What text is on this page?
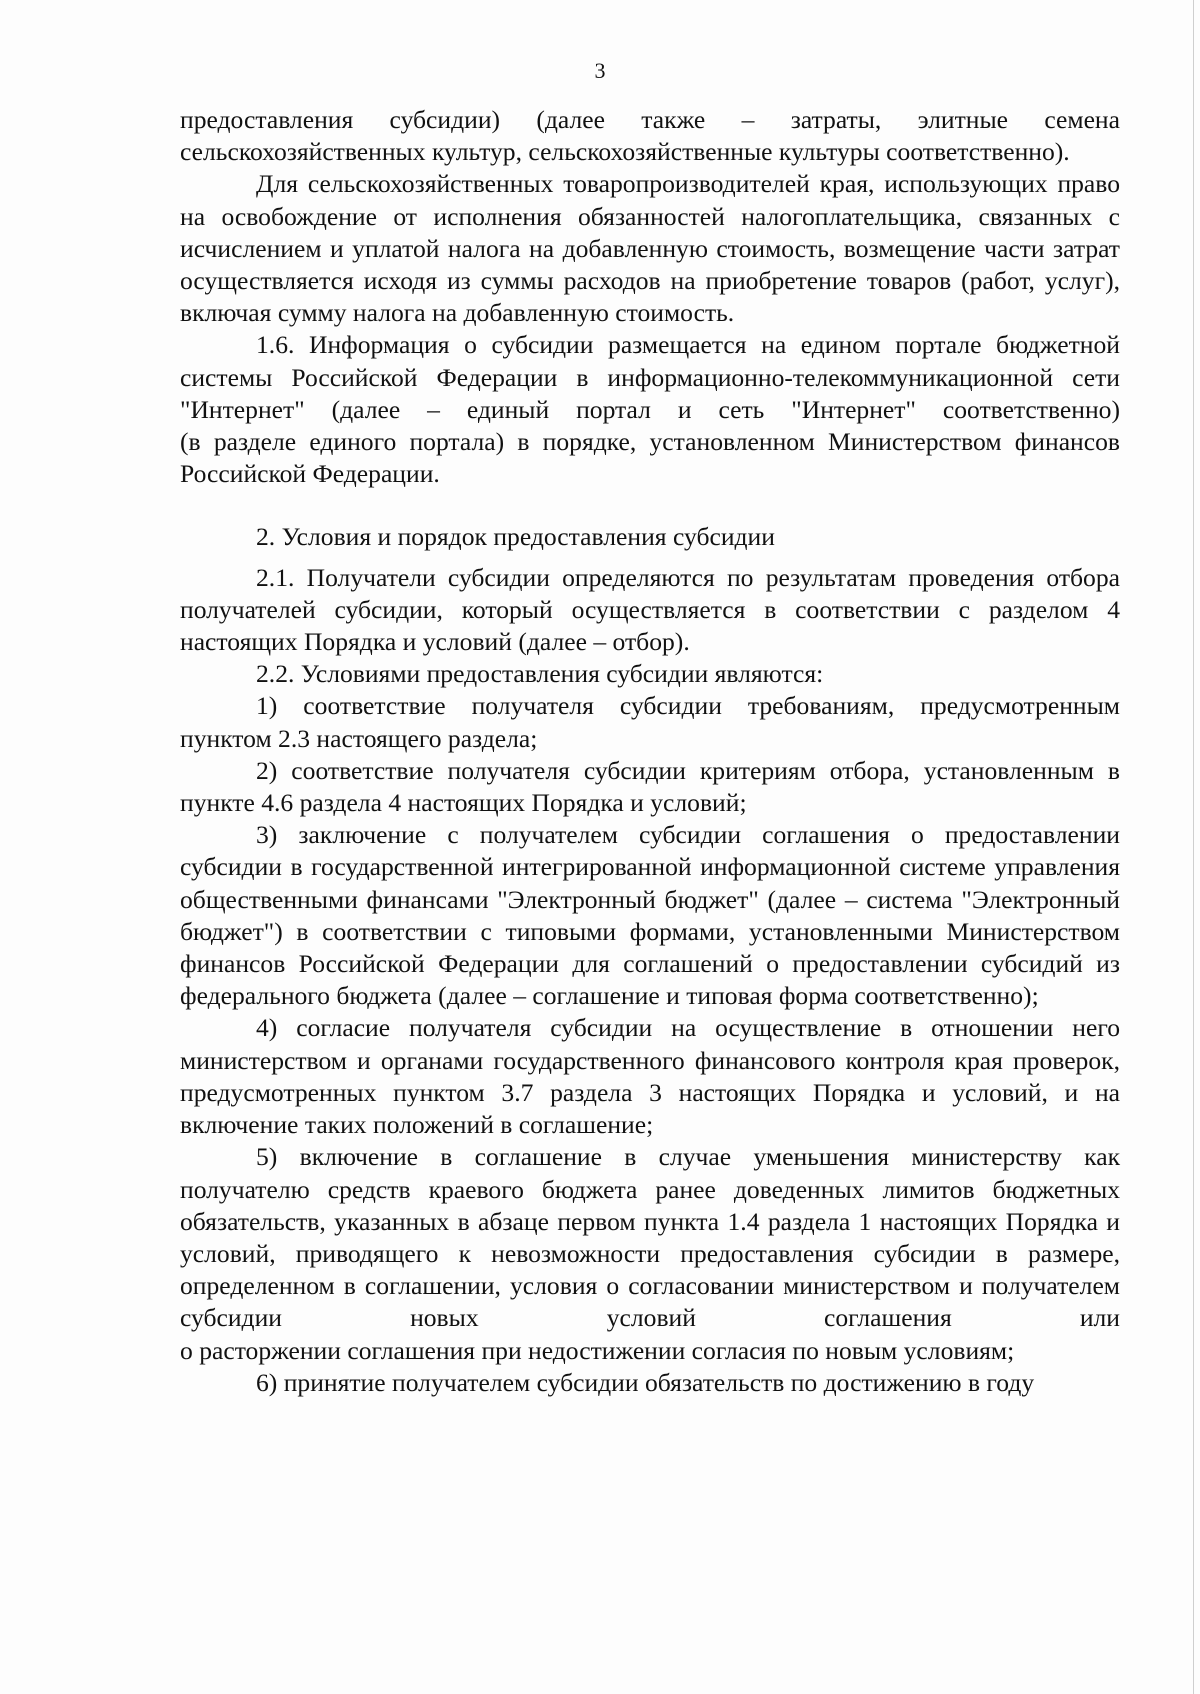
3

предоставления субсидии) (далее также – затраты, элитные семена сельскохозяйственных культур, сельскохозяйственные культуры соответственно).

Для сельскохозяйственных товаропроизводителей края, использующих право на освобождение от исполнения обязанностей налогоплательщика, связанных с исчислением и уплатой налога на добавленную стоимость, возмещение части затрат осуществляется исходя из суммы расходов на приобретение товаров (работ, услуг), включая сумму налога на добавленную стоимость.

1.6. Информация о субсидии размещается на едином портале бюджетной системы Российской Федерации в информационно-телекоммуникационной сети "Интернет" (далее – единый портал и сеть "Интернет" соответственно)

(в разделе единого портала) в порядке, установленном Министерством финансов Российской Федерации.

2. Условия и порядок предоставления субсидии

2.1. Получатели субсидии определяются по результатам проведения отбора получателей субсидии, который осуществляется в соответствии с разделом 4 настоящих Порядка и условий (далее – отбор).

2.2. Условиями предоставления субсидии являются:

1) соответствие получателя субсидии требованиям, предусмотренным пунктом 2.3 настоящего раздела;

2) соответствие получателя субсидии критериям отбора, установленным в пункте 4.6 раздела 4 настоящих Порядка и условий;

3) заключение с получателем субсидии соглашения о предоставлении субсидии в государственной интегрированной информационной системе управления общественными финансами "Электронный бюджет" (далее – система "Электронный бюджет") в соответствии с типовыми формами, установленными Министерством финансов Российской Федерации для соглашений о предоставлении субсидий из федерального бюджета (далее – соглашение и типовая форма соответственно);

4) согласие получателя субсидии на осуществление в отношении него министерством и органами государственного финансового контроля края проверок, предусмотренных пунктом 3.7 раздела 3 настоящих Порядка и условий, и на включение таких положений в соглашение;

5) включение в соглашение в случае уменьшения министерству как получателю средств краевого бюджета ранее доведенных лимитов бюджетных обязательств, указанных в абзаце первом пункта 1.4 раздела 1 настоящих Порядка и условий, приводящего к невозможности предоставления субсидии в размере, определенном в соглашении, условия о согласовании министерством и получателем субсидии новых условий соглашения или

о расторжении соглашения при недостижении согласия по новым условиям;

6) принятие получателем субсидии обязательств по достижению в году
